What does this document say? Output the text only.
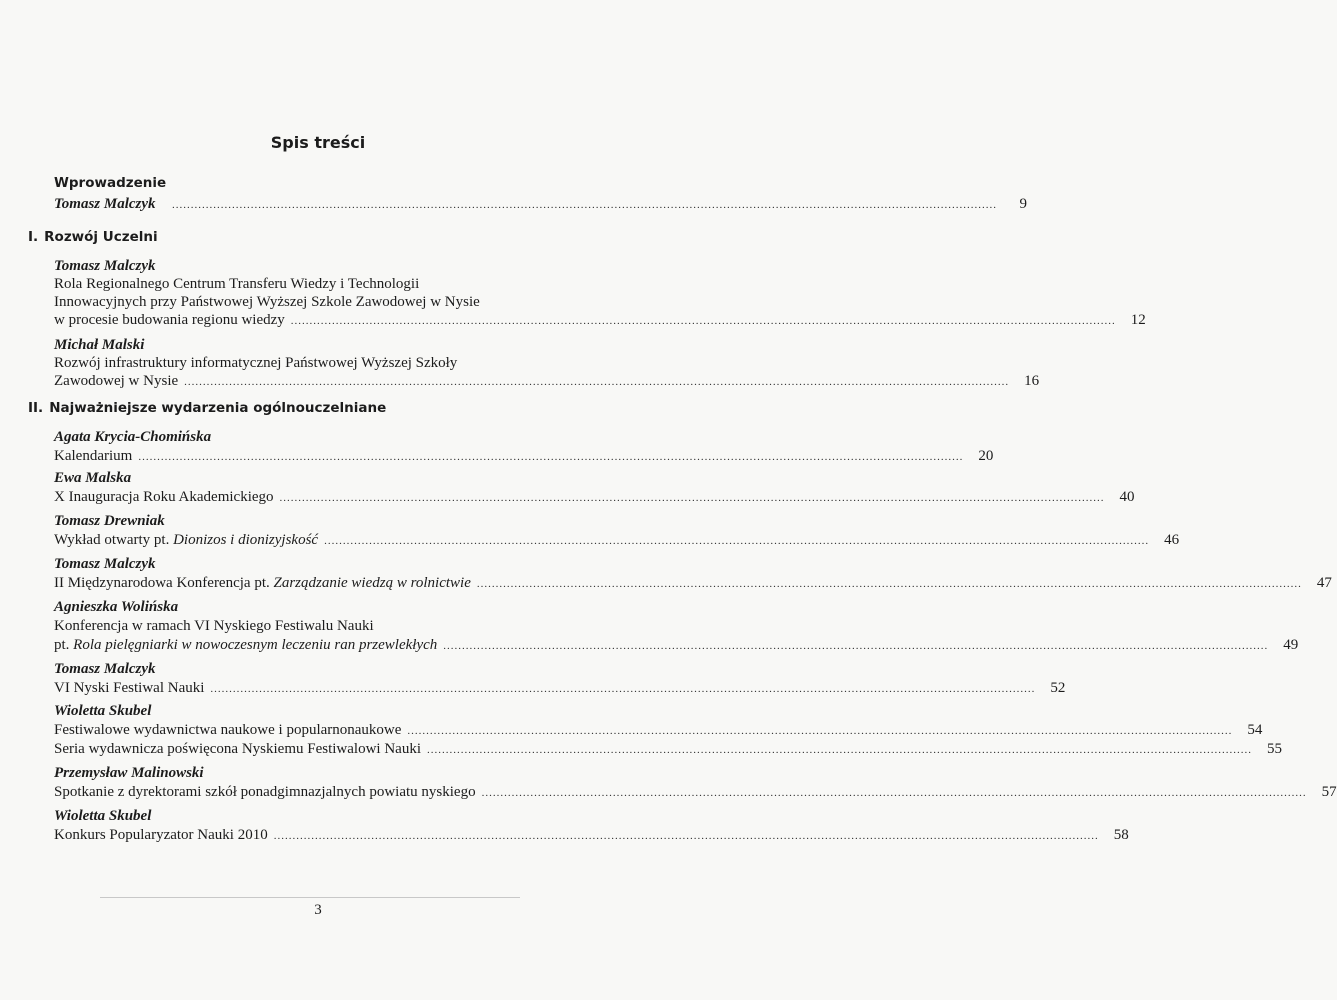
Spis treści
Wprowadzenie
Tomasz Malczyk ............................................................................................................................................................................................................................	9
I. Rozwój Uczelni
Tomasz Malczyk
Rola Regionalnego Centrum Transferu Wiedzy i Technologii
Innowacyjnych przy Państwowej Wyższej Szkole Zawodowej w Nysie
w procesie budowania regionu wiedzy ............................................................................................................................................................................................................................	12
Michał Malski
Rozwój infrastruktury informatycznej Państwowej Wyższej Szkoły
Zawodowej w Nysie ............................................................................................................................................................................................................................	16
II. Najważniejsze wydarzenia ogólnouczelniane
Agata Krycia-Chomińska
Kalendarium ............................................................................................................................................................................................................................	20
Ewa Malska
X Inauguracja Roku Akademickiego ............................................................................................................................................................................................................................	40
Tomasz Drewniak
Wykład otwarty pt. Dionizos i dionizyjskość ............................................................................................................................................................................................................................	46
Tomasz Malczyk
II Międzynarodowa Konferencja pt. Zarządzanie wiedzą w rolnictwie ............................................................................................................................................................................................................................	47
Agnieszka Wolińska
Konferencja w ramach VI Nyskiego Festiwalu Nauki
pt. Rola pielęgniarki w nowoczesnym leczeniu ran przewlekłych ............................................................................................................................................................................................................................	49
Tomasz Malczyk
VI Nyski Festiwal Nauki ............................................................................................................................................................................................................................	52
Wioletta Skubel
Festiwalowe wydawnictwa naukowe i popularnonaukowe ............................................................................................................................................................................................................................	54
Seria wydawnicza poświęcona Nyskiemu Festiwalowi Nauki ............................................................................................................................................................................................................................	55
Przemysław Malinowski
Spotkanie z dyrektorami szkół ponadgimnazjalnych powiatu nyskiego ............................................................................................................................................................................................................................	57
Wioletta Skubel
Konkurs Popularyzator Nauki 2010 ............................................................................................................................................................................................................................	58
3
